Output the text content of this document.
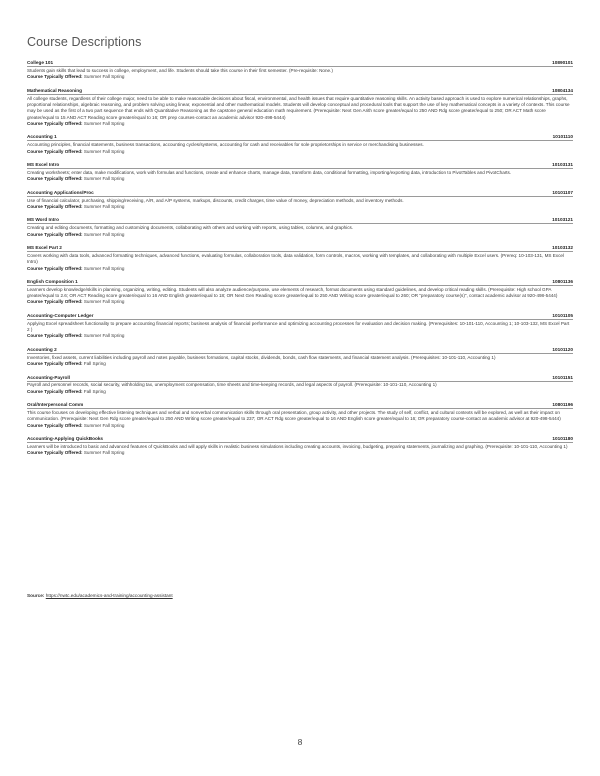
Course Descriptions
College 101	10890101
Students gain skills that lead to success in college, employment, and life. Students should take this course in their first semester. (Pre-requisite: None.)
Course Typically Offered: Summer Fall Spring
Mathematical Reasoning	10804134
All college students, regardless of their college major, need to be able to make reasonable decisions about fiscal, environmental, and health issues that require quantitative reasoning skills. An activity based approach is used to explore numerical relationships, graphs, proportional relationships, algebraic reasoning, and problem solving using linear, exponential and other mathematical models. Students will develop conceptual and procedural tools that support the use of key mathematical concepts in a variety of contexts. This course may be used as the first of a two part sequence that ends with Quantitative Reasoning as the capstone general education math requirement. (Prerequisite: Next Gen Arith score greater/equal to 250 AND Rdg score greater/equal to 250; OR ACT Math score greater/equal to 15 AND ACT Reading score greater/equal to 16; OR prep courses-contact an academic advisor 920-498-5444)
Course Typically Offered: Summer Fall Spring
Accounting 1	10101110
Accounting principles, financial statements, business transactions, accounting cycles/systems, accounting for cash and receivables for sole proprietorships in service or merchandising businesses.
Course Typically Offered: Summer Fall Spring
MS Excel Intro	10103131
Creating worksheets; enter data, make modifications, work with formulas and functions, create and enhance charts, manage data, transform data, conditional formatting, importing/exporting data, introduction to PivotTables and PivotCharts.
Course Typically Offered: Summer Fall Spring
Accounting Applications/Proc	10101107
Use of financial calculator, purchasing, shipping/receiving, A/R, and A/P systems, markups, discounts, credit charges, time value of money, depreciation methods, and inventory methods.
Course Typically Offered: Summer Fall Spring
MS Word Intro	10103121
Creating and editing documents, formatting and customizing documents, collaborating with others and working with reports, using tables, columns, and graphics.
Course Typically Offered: Summer Fall Spring
MS Excel Part 2	10103132
Covers working with data tools, advanced formatting techniques, advanced functions, evaluating formulas, collaboration tools, data validation, form controls, macros, working with templates, and collaborating with multiple Excel users. (Prereq: 10-103-131, MS Excel Intro)
Course Typically Offered: Summer Fall Spring
English Composition 1	10801136
Learners develop knowledge/skills in planning, organizing, writing, editing. Students will also analyze audience/purpose, use elements of research, format documents using standard guidelines, and develop critical reading skills. (Prerequisite: High school GPA greater/equal to 2.6; OR ACT Reading score greater/equal to 16 AND English greater/equal to 18; OR Next Gen Reading score greater/equal to 250 AND Writing score greater/equal to 260; OR "preparatory course(s)", contact academic advisor at 920-498-5444)
Course Typically Offered: Summer Fall Spring
Accounting-Computer Ledger	10101105
Applying Excel spreadsheet functionality to prepare accounting financial reports; business analysis of financial performance and optimizing accounting processes for evaluation and decision making. (Prerequisites: 10-101-110, Accounting 1; 10-103-132, MS Excel Part 2 )
Course Typically Offered: Summer Fall Spring
Accounting 2	10101120
Inventories, fixed assets, current liabilities including payroll and notes payable, business formations, capital stocks, dividends, bonds, cash flow statements, and financial statement analysis. (Prerequisites: 10-101-110, Accounting 1)
Course Typically Offered: Fall Spring
Accounting-Payroll	10101151
Payroll and personnel records, social security, withholding tax, unemployment compensation, time sheets and time-keeping records, and legal aspects of payroll. (Prerequisite: 10-101-110, Accounting 1)
Course Typically Offered: Fall Spring
Oral/Interpersonal Comm	10801196
This course focuses on developing effective listening techniques and verbal and nonverbal communication skills through oral presentation, group activity, and other projects. The study of self, conflict, and cultural contexts will be explored, as well as their impact on communication. (Prerequisite: Next Gen Rdg score greater/equal to 250 AND Writing score greater/equal to 237; OR ACT Rdg score greater/equal to 16 AND English score greater/equal to 16; OR preparatory course-contact an academic advisor at 920-498-5444)
Course Typically Offered: Summer Fall Spring
Accounting-Applying QuickBooks	10101180
Learners will be introduced to basic and advanced features of QuickBooks and will apply skills in realistic business simulations including creating accounts, invoicing, budgeting, preparing statements, journalizing and graphing. (Prerequisite: 10-101-110, Accounting 1)
Course Typically Offered: Summer Fall Spring
Source: https://nwtc.edu/academics-and-training/accounting-assistant
8
